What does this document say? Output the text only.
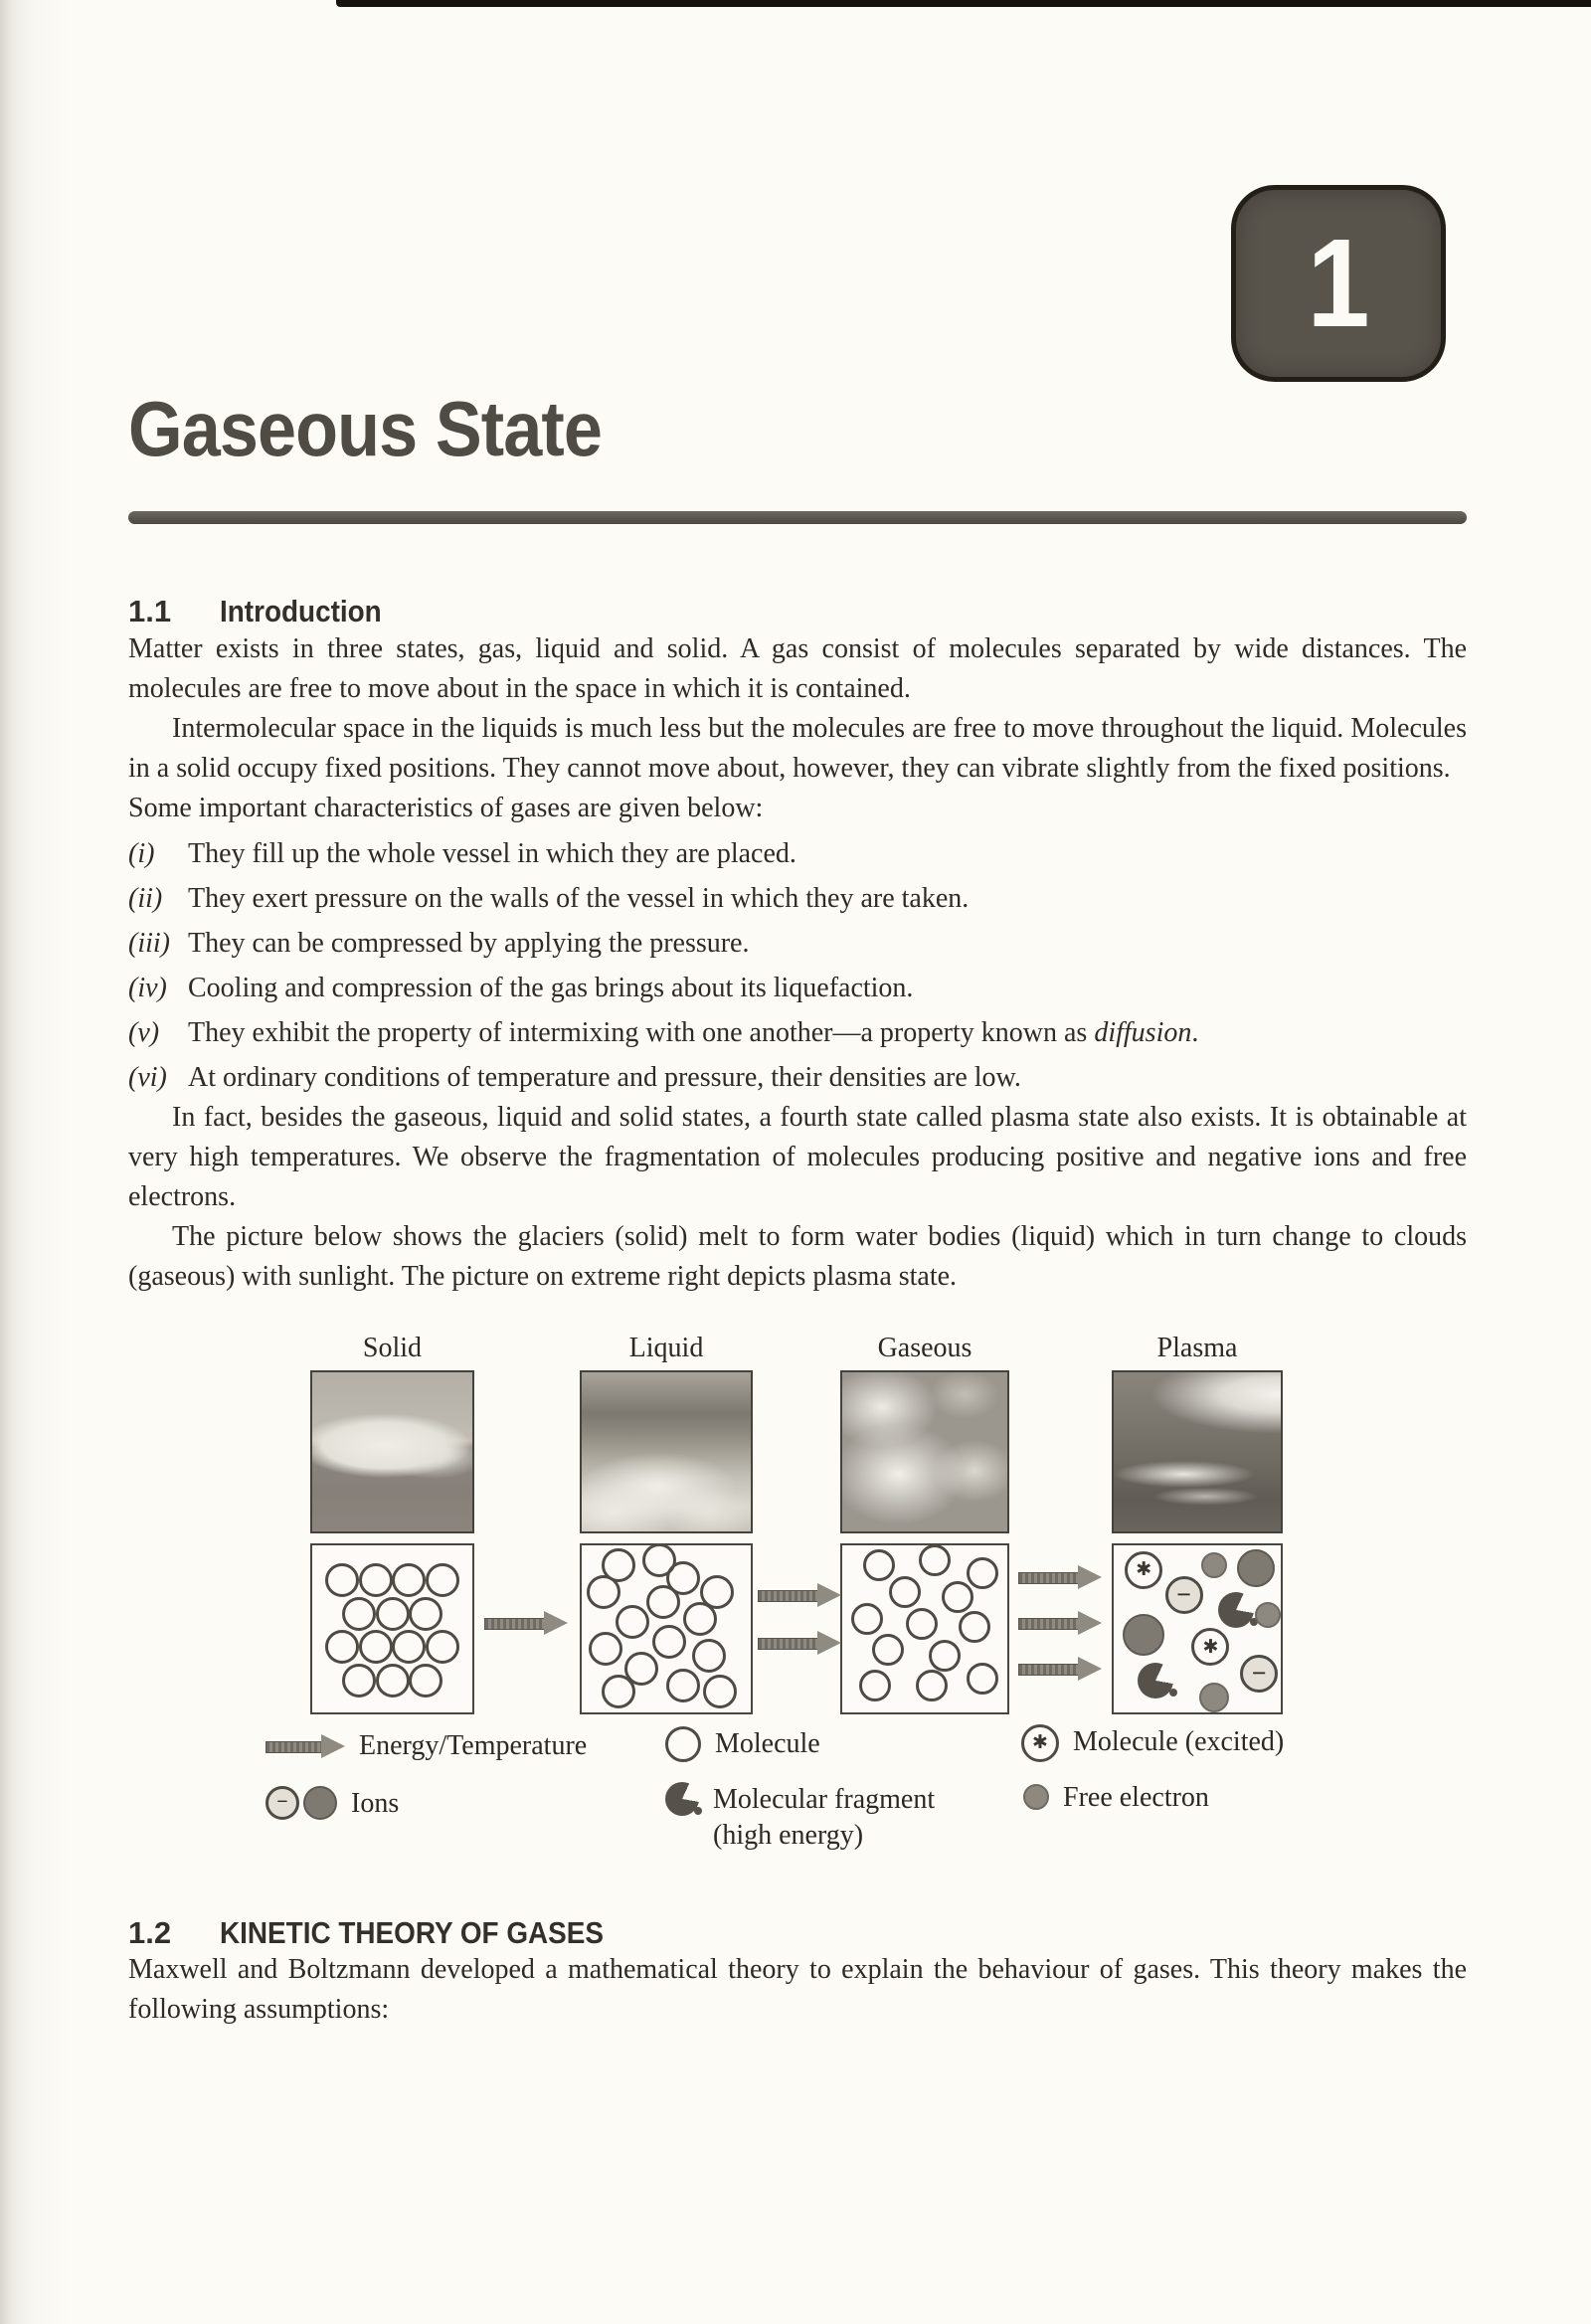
1
Gaseous State
1.1	Introduction

Matter exists in three states, gas, liquid and solid. A gas consist of molecules separated by wide distances. The molecules are free to move about in the space in which it is contained.

Intermolecular space in the liquids is much less but the molecules are free to move throughout the liquid. Molecules in a solid occupy fixed positions. They cannot move about, however, they can vibrate slightly from the fixed positions.

Some important characteristics of gases are given below:

(i)	They fill up the whole vessel in which they are placed.
(ii) They exert pressure on the walls of the vessel in which they are taken.
(iii) They can be compressed by applying the pressure.
(iv) Cooling and compression of the gas brings about its liquefaction.
(v)	They exhibit the property of intermixing with one another—a property known as diffusion.
(vi) At ordinary conditions of temperature and pressure, their densities are low.

In fact, besides the gaseous, liquid and solid states, a fourth state called plasma state also exists. It is obtainable at very high temperatures. We observe the fragmentation of molecules producing positive and negative ions and free electrons.

The picture below shows the glaciers (solid) melt to form water bodies (liquid) which in turn change to clouds (gaseous) with sunlight. The picture on extreme right depicts plasma state.

Solid	Liquid	Gaseous	Plasma
✱
−
✱
−
Energy/Temperature	Molecule	✱ Molecule (excited)
−	Ions	Molecular fragment
(high energy)
Free electron
1.2	KINETIC THEORY OF GASES

Maxwell and Boltzmann developed a mathematical theory to explain the behaviour of gases. This theory makes the following assumptions:
